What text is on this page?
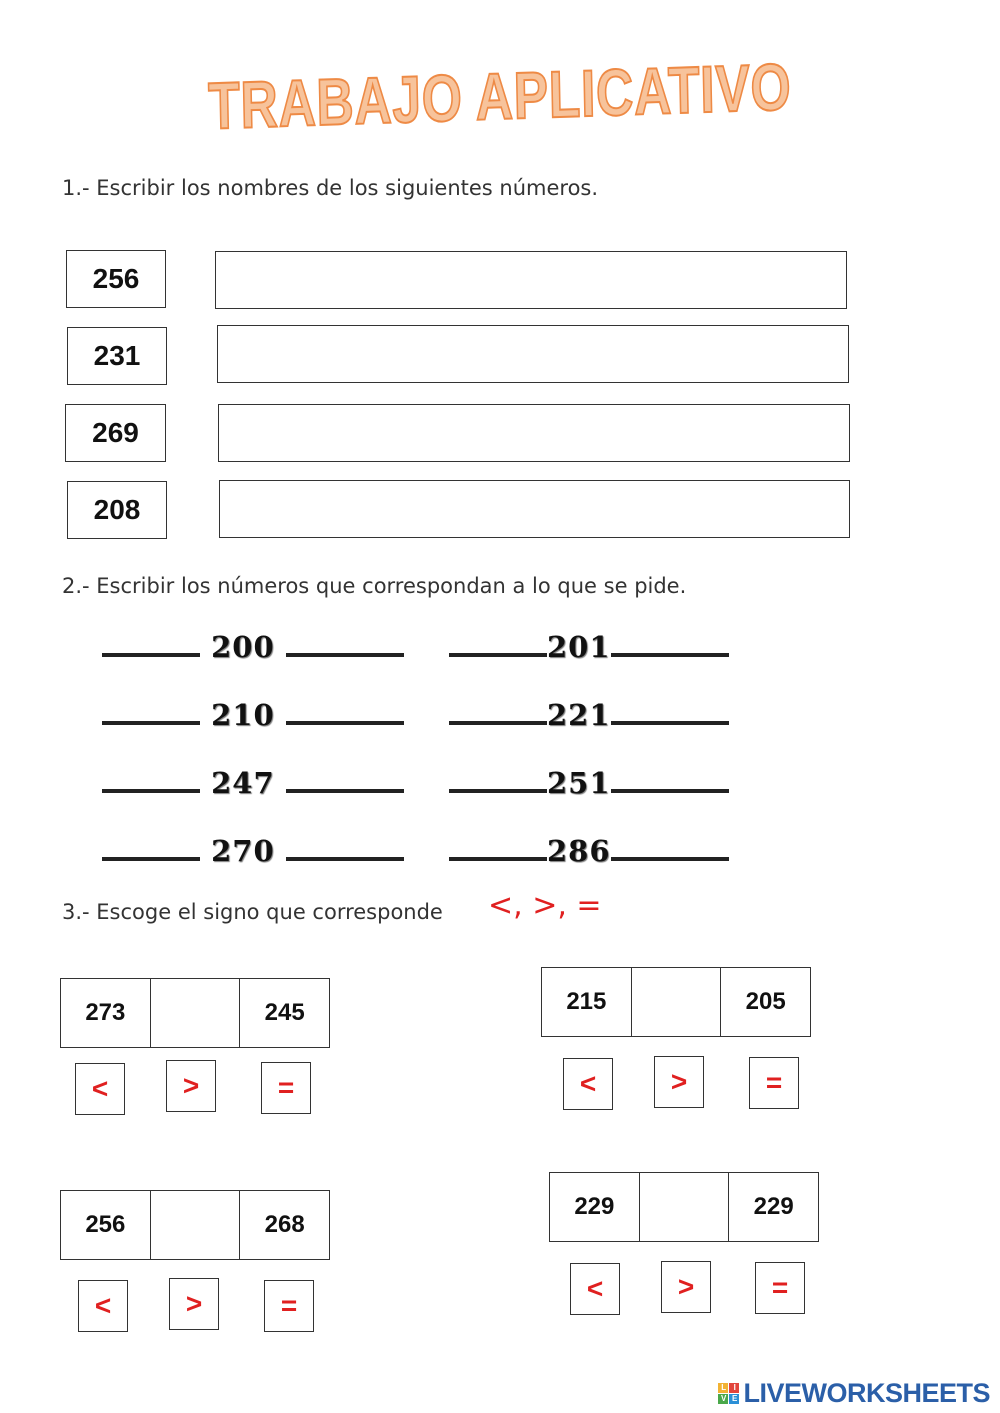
TRABAJO APLICATIVO
1.- Escribir los nombres de los siguientes números.
256
231
269
208
2.- Escribir los números que correspondan a lo que se pide.
200	201
210	221
247	251
270	286
3.- Escoge el signo que corresponde <, >, =
273	245
<	>	=
215	205
<	>	=
256	268
<	>	=
229	229
<	>	=
L I
V E LIVEWORKSHEETS
